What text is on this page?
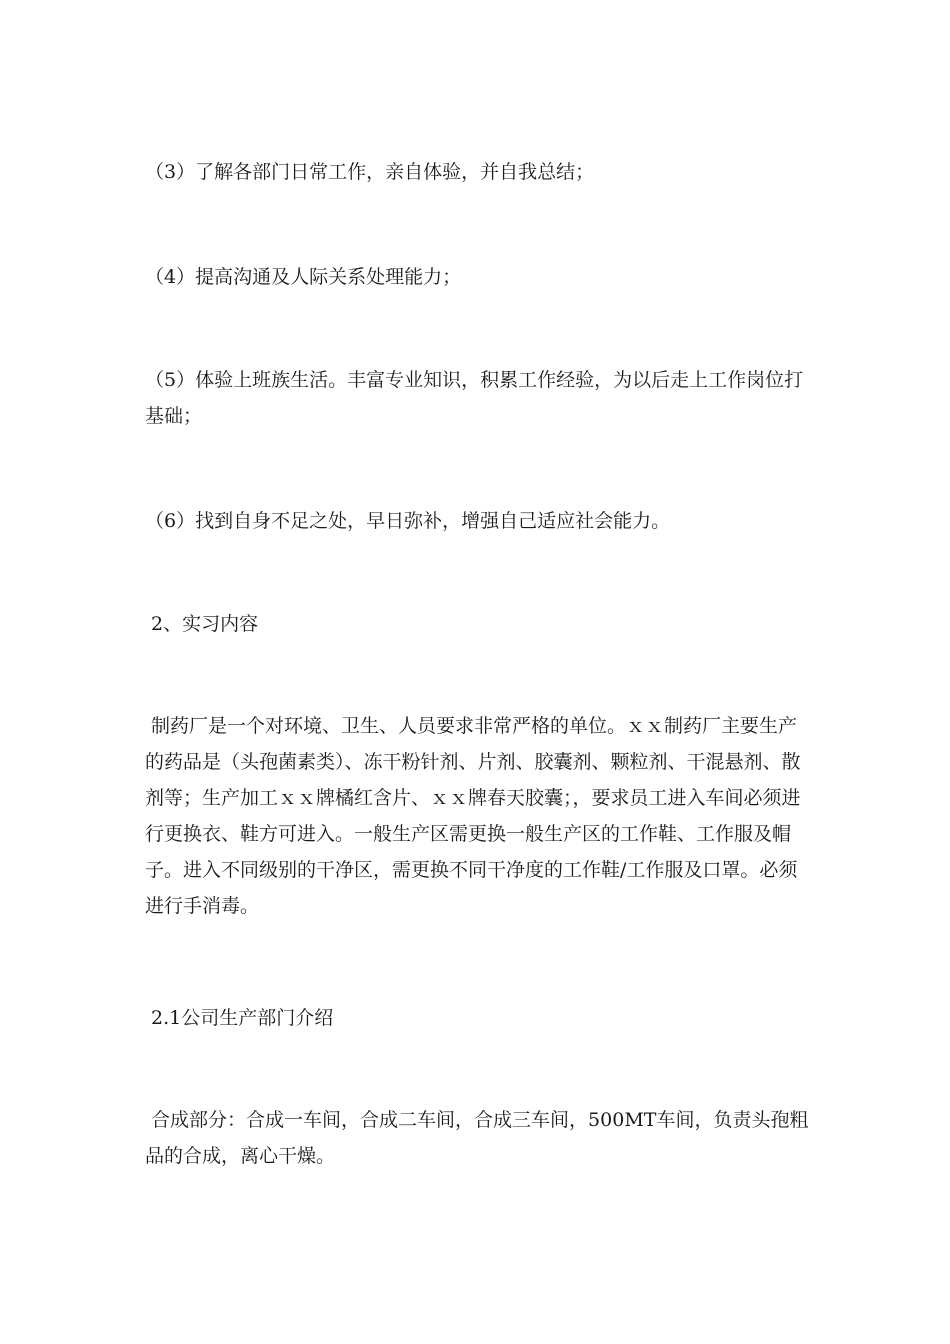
（3）了解各部门日常工作，亲自体验，并自我总结；

（4）提高沟通及人际关系处理能力；

（5）体验上班族生活。丰富专业知识，积累工作经验，为以后走上工作岗位打基础；

（6）找到自身不足之处，早日弥补，增强自己适应社会能力。

2、实习内容

制药厂是一个对环境、卫生、人员要求非常严格的单位。ｘｘ制药厂主要生产的药品是（头孢菌素类）、冻干粉针剂、片剂、胶囊剂、颗粒剂、干混悬剂、散剂等；生产加工ｘｘ牌橘红含片、ｘｘ牌春天胶囊；，要求员工进入车间必须进行更换衣、鞋方可进入。一般生产区需更换一般生产区的工作鞋、工作服及帽子。进入不同级别的干净区，需更换不同干净度的工作鞋/工作服及口罩。必须进行手消毒。

2.1公司生产部门介绍

合成部分：合成一车间，合成二车间，合成三车间，500MT车间，负责头孢粗品的合成，离心干燥。
